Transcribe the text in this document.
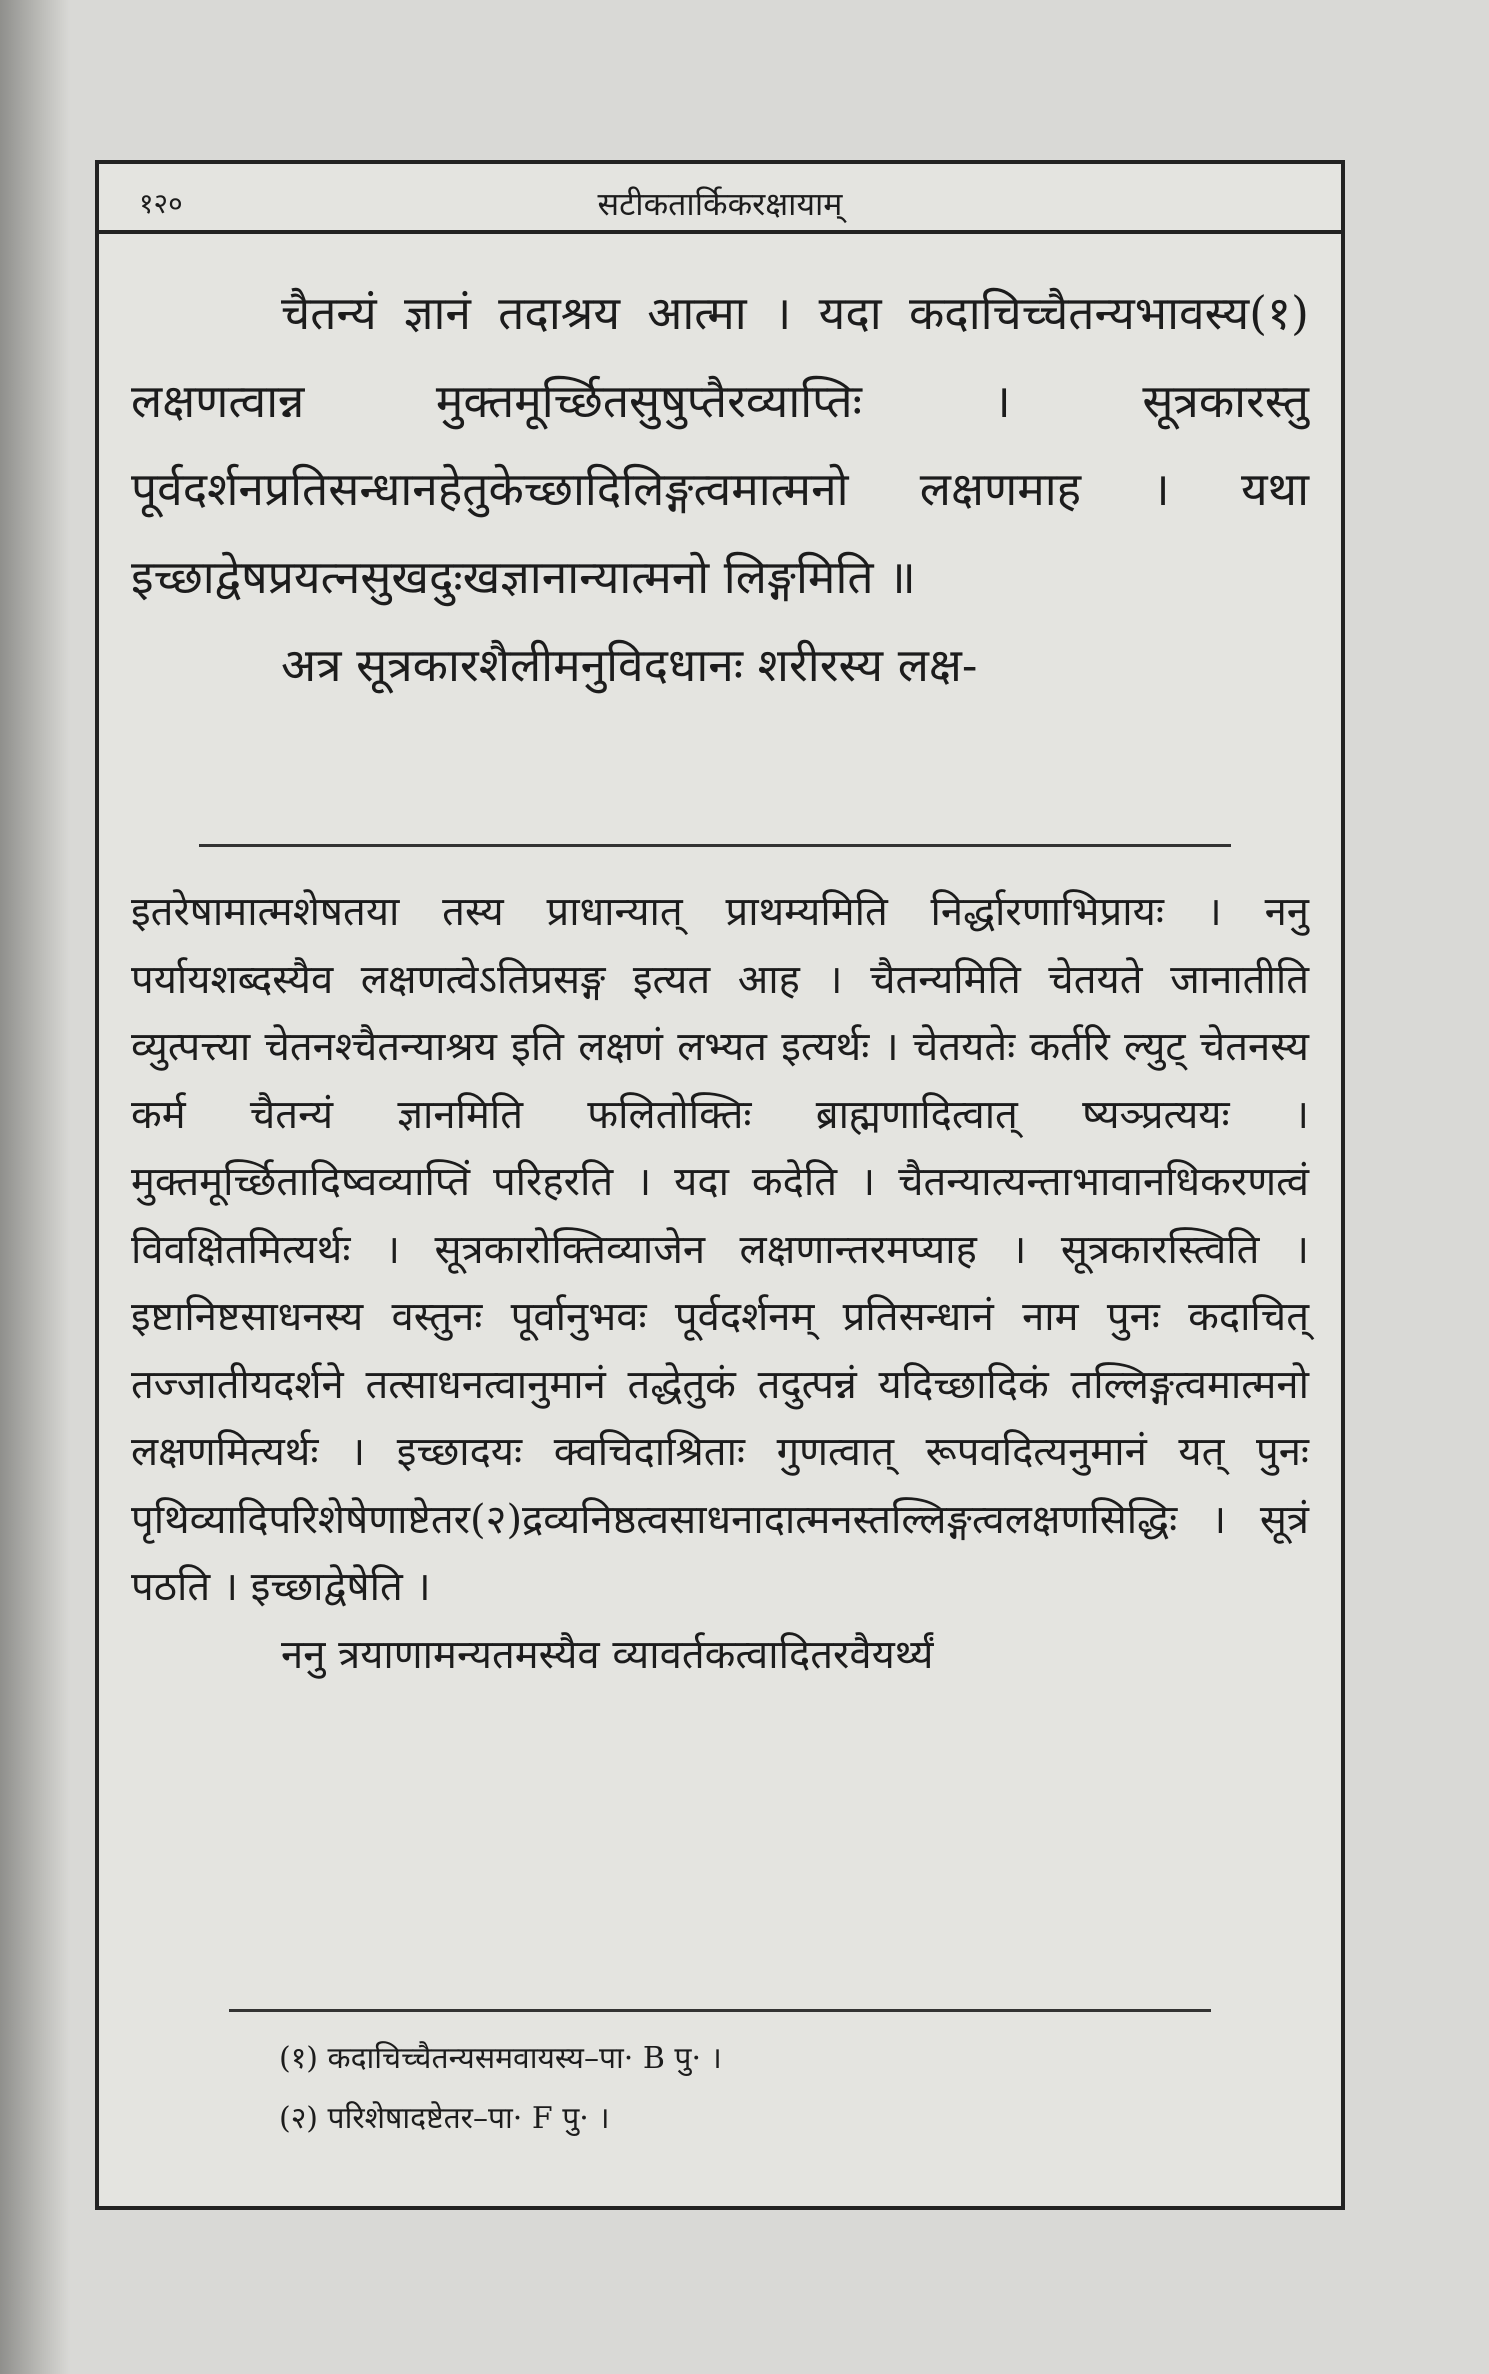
१२०	सटीकतार्किकरक्षायाम्

चैतन्यं ज्ञानं तदाश्रय आत्मा । यदा कदाचिच्चैतन्यभावस्य(१) लक्षणत्वान्न मुक्तमूर्च्छितसुषुप्तैरव्याप्तिः । सूत्रकारस्तु पूर्वदर्शनप्रतिसन्धानहेतुकेच्छादिलिङ्गत्वमात्मनो लक्षणमाह । यथा इच्छाद्वेषप्रयत्नसुखदुःखज्ञानान्यात्मनो लिङ्गमिति ॥

अत्र सूत्रकारशैलीमनुविदधानः शरीरस्य लक्ष-

इतरेषामात्मशेषतया तस्य प्राधान्यात् प्राथम्यमिति निर्द्धारणाभिप्रायः । ननु पर्यायशब्दस्यैव लक्षणत्वेऽतिप्रसङ्ग इत्यत आह । चैतन्यमिति चेतयते जानातीति व्युत्पत्त्या चेतनश्चैतन्याश्रय इति लक्षणं लभ्यत इत्यर्थः । चेतयतेः कर्तरि ल्युट् चेतनस्य कर्म चैतन्यं ज्ञानमिति फलितोक्तिः ब्राह्मणादित्वात् ष्यञ्प्रत्ययः । मुक्तमूर्च्छितादिष्वव्याप्तिं परिहरति । यदा कदेति । चैतन्यात्यन्ताभावानधिकरणत्वं विवक्षितमित्यर्थः । सूत्रकारोक्तिव्याजेन लक्षणान्तरमप्याह । सूत्रकारस्त्विति । इष्टानिष्टसाधनस्य वस्तुनः पूर्वानुभवः पूर्वदर्शनम् प्रतिसन्धानं नाम पुनः कदाचित् तज्जातीयदर्शने तत्साधनत्वानुमानं तद्धेतुकं तदुत्पन्नं यदिच्छादिकं तल्लिङ्गत्वमात्मनो लक्षणमित्यर्थः । इच्छादयः क्वचिदाश्रिताः गुणत्वात् रूपवदित्यनुमानं यत् पुनः पृथिव्यादिपरिशेषेणाष्टेतर(२)द्रव्यनिष्ठत्वसाधनादात्मनस्तल्लिङ्गत्वलक्षणसिद्धिः । सूत्रं पठति । इच्छाद्वेषेति ।

ननु त्रयाणामन्यतमस्यैव व्यावर्तकत्वादितरवैयर्थ्यं

(१) कदाचिच्चैतन्यसमवायस्य–पा· B पु· ।
(२) परिशेषादष्टेतर–पा· F पु· ।
